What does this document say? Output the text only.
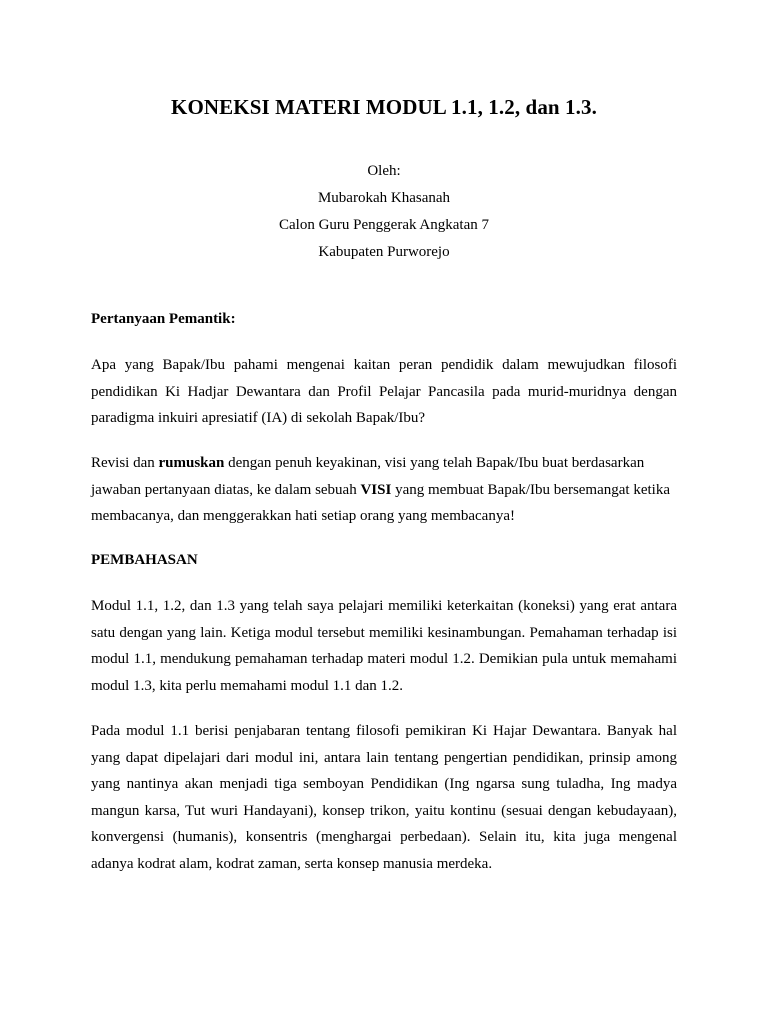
KONEKSI MATERI MODUL 1.1, 1.2, dan 1.3.
Oleh:
Mubarokah Khasanah
Calon Guru Penggerak Angkatan 7
Kabupaten Purworejo
Pertanyaan Pemantik:
Apa yang Bapak/Ibu pahami mengenai kaitan peran pendidik dalam mewujudkan filosofi pendidikan Ki Hadjar Dewantara dan Profil Pelajar Pancasila pada murid-muridnya dengan paradigma inkuiri apresiatif (IA) di sekolah Bapak/Ibu?
Revisi dan rumuskan dengan penuh keyakinan, visi yang telah Bapak/Ibu buat berdasarkan jawaban pertanyaan diatas, ke dalam sebuah VISI yang membuat Bapak/Ibu bersemangat ketika membacanya, dan menggerakkan hati setiap orang yang membacanya!
PEMBAHASAN
Modul 1.1, 1.2, dan 1.3 yang telah saya pelajari memiliki keterkaitan (koneksi) yang erat antara satu dengan yang lain. Ketiga modul tersebut memiliki kesinambungan. Pemahaman terhadap isi modul 1.1, mendukung pemahaman terhadap materi modul 1.2. Demikian pula untuk memahami modul 1.3, kita perlu memahami modul 1.1 dan 1.2.
Pada modul 1.1 berisi penjabaran tentang filosofi pemikiran Ki Hajar Dewantara. Banyak hal yang dapat dipelajari dari modul ini, antara lain tentang pengertian pendidikan, prinsip among yang nantinya akan menjadi tiga semboyan Pendidikan (Ing ngarsa sung tuladha, Ing madya mangun karsa, Tut wuri Handayani), konsep trikon, yaitu kontinu (sesuai dengan kebudayaan), konvergensi (humanis), konsentris (menghargai perbedaan). Selain itu, kita juga mengenal adanya kodrat alam, kodrat zaman, serta konsep manusia merdeka.
